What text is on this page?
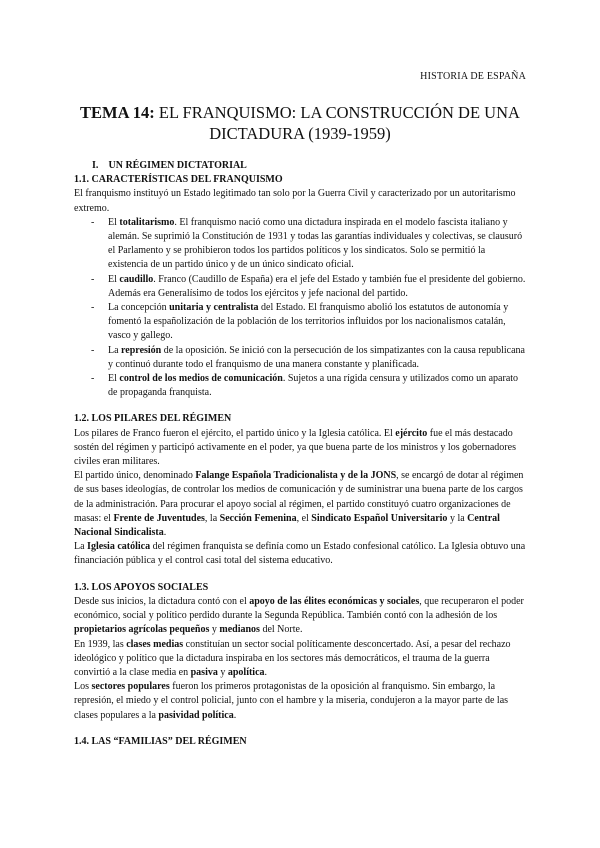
HISTORIA DE ESPAÑA
TEMA 14: EL FRANQUISMO: LA CONSTRUCCIÓN DE UNA
DICTADURA (1939-1959)

I. UN RÉGIMEN DICTATORIAL

1.1. CARACTERÍSTICAS DEL FRANQUISMO

El franquismo instituyó un Estado legitimado tan solo por la Guerra Civil y caracterizado por un autoritarismo extremo.

- El totalitarismo. El franquismo nació como una dictadura inspirada en el modelo fascista italiano y alemán. Se suprimió la Constitución de 1931 y todas las garantías individuales y colectivas, se clausuró el Parlamento y se prohibieron todos los partidos políticos y los sindicatos. Solo se permitió la existencia de un partido único y de un único sindicato oficial.
- El caudillo. Franco (Caudillo de España) era el jefe del Estado y también fue el presidente del gobierno. Además era Generalísimo de todos los ejércitos y jefe nacional del partido.
- La concepción unitaria y centralista del Estado. El franquismo abolió los estatutos de autonomía y fomentó la españolización de la población de los territorios influidos por los nacionalismos catalán, vasco y gallego.
- La represión de la oposición. Se inició con la persecución de los simpatizantes con la causa republicana y continuó durante todo el franquismo de una manera constante y planificada.
- El control de los medios de comunicación. Sujetos a una rígida censura y utilizados como un aparato de propaganda franquista.

1.2. LOS PILARES DEL RÉGIMEN

Los pilares de Franco fueron el ejército, el partido único y la Iglesia católica. El ejército fue el más destacado sostén del régimen y participó activamente en el poder, ya que buena parte de los ministros y los gobernadores civiles eran militares.

El partido único, denominado Falange Española Tradicionalista y de la JONS, se encargó de dotar al régimen de sus bases ideologías, de controlar los medios de comunicación y de suministrar una buena parte de los cargos de la administración. Para procurar el apoyo social al régimen, el partido constituyó cuatro organizaciones de masas: el Frente de Juventudes, la Sección Femenina, el Sindicato Español Universitario y la Central Nacional Sindicalista.

La Iglesia católica del régimen franquista se definía como un Estado confesional católico. La Iglesia obtuvo una financiación pública y el control casi total del sistema educativo.

1.3. LOS APOYOS SOCIALES

Desde sus inicios, la dictadura contó con el apoyo de las élites económicas y sociales, que recuperaron el poder económico, social y político perdido durante la Segunda República. También contó con la adhesión de los propietarios agrícolas pequeños y medianos del Norte.

En 1939, las clases medias constituían un sector social políticamente desconcertado. Así, a pesar del rechazo ideológico y político que la dictadura inspiraba en los sectores más democráticos, el trauma de la guerra convirtió a la clase media en pasiva y apolítica.

Los sectores populares fueron los primeros protagonistas de la oposición al franquismo. Sin embargo, la represión, el miedo y el control policial, junto con el hambre y la miseria, condujeron a la mayor parte de las clases populares a la pasividad política.

1.4. LAS “FAMILIAS” DEL RÉGIMEN
